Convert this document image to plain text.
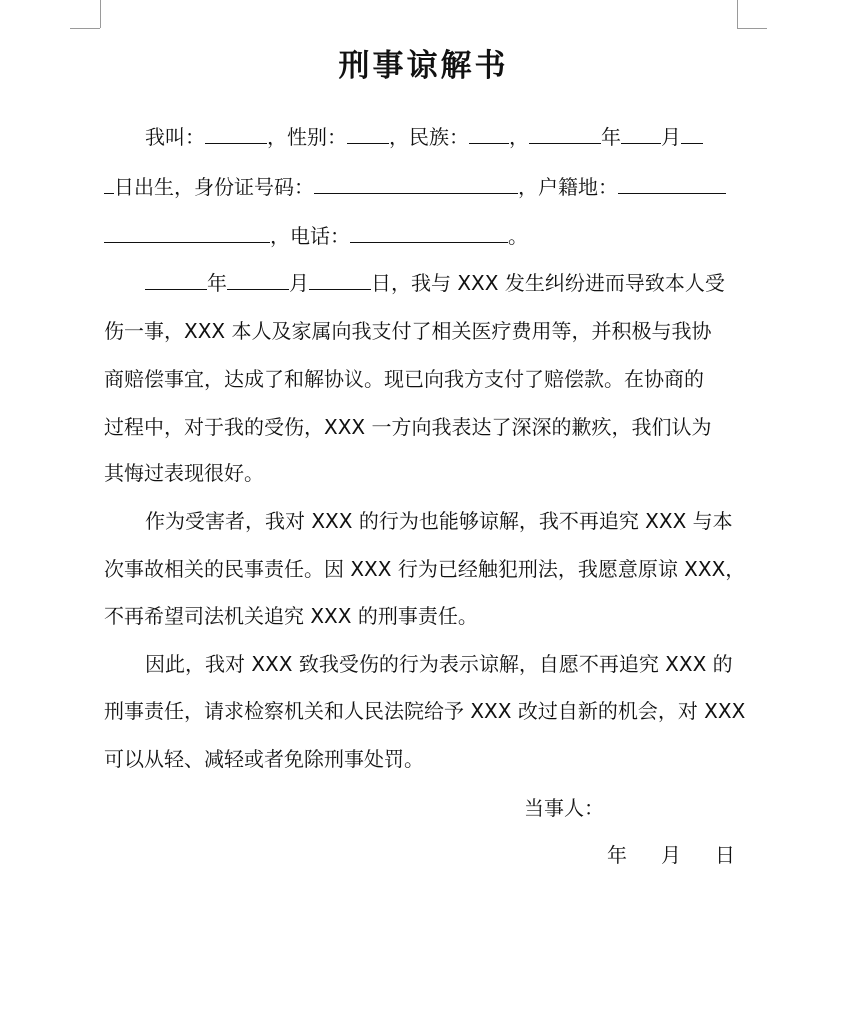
刑事谅解书
我叫：	，性别： ，民族： ，	年 月
日出生，身份证号码：	，户籍地：
，电话：	。
年	月	日，我与 XXX 发生纠纷进而导致本人受
伤一事，XXX 本人及家属向我支付了相关医疗费用等，并积极与我协
商赔偿事宜，达成了和解协议。现已向我方支付了赔偿款。在协商的
过程中，对于我的受伤，XXX 一方向我表达了深深的歉疚，我们认为
其悔过表现很好。
作为受害者，我对 XXX 的行为也能够谅解，我不再追究 XXX 与本
次事故相关的民事责任。因 XXX 行为已经触犯刑法，我愿意原谅 XXX，
不再希望司法机关追究 XXX 的刑事责任。
因此，我对 XXX 致我受伤的行为表示谅解，自愿不再追究 XXX 的
刑事责任，请求检察机关和人民法院给予 XXX 改过自新的机会，对 XXX
可以从轻、减轻或者免除刑事处罚。
当事人：
年 月 日
